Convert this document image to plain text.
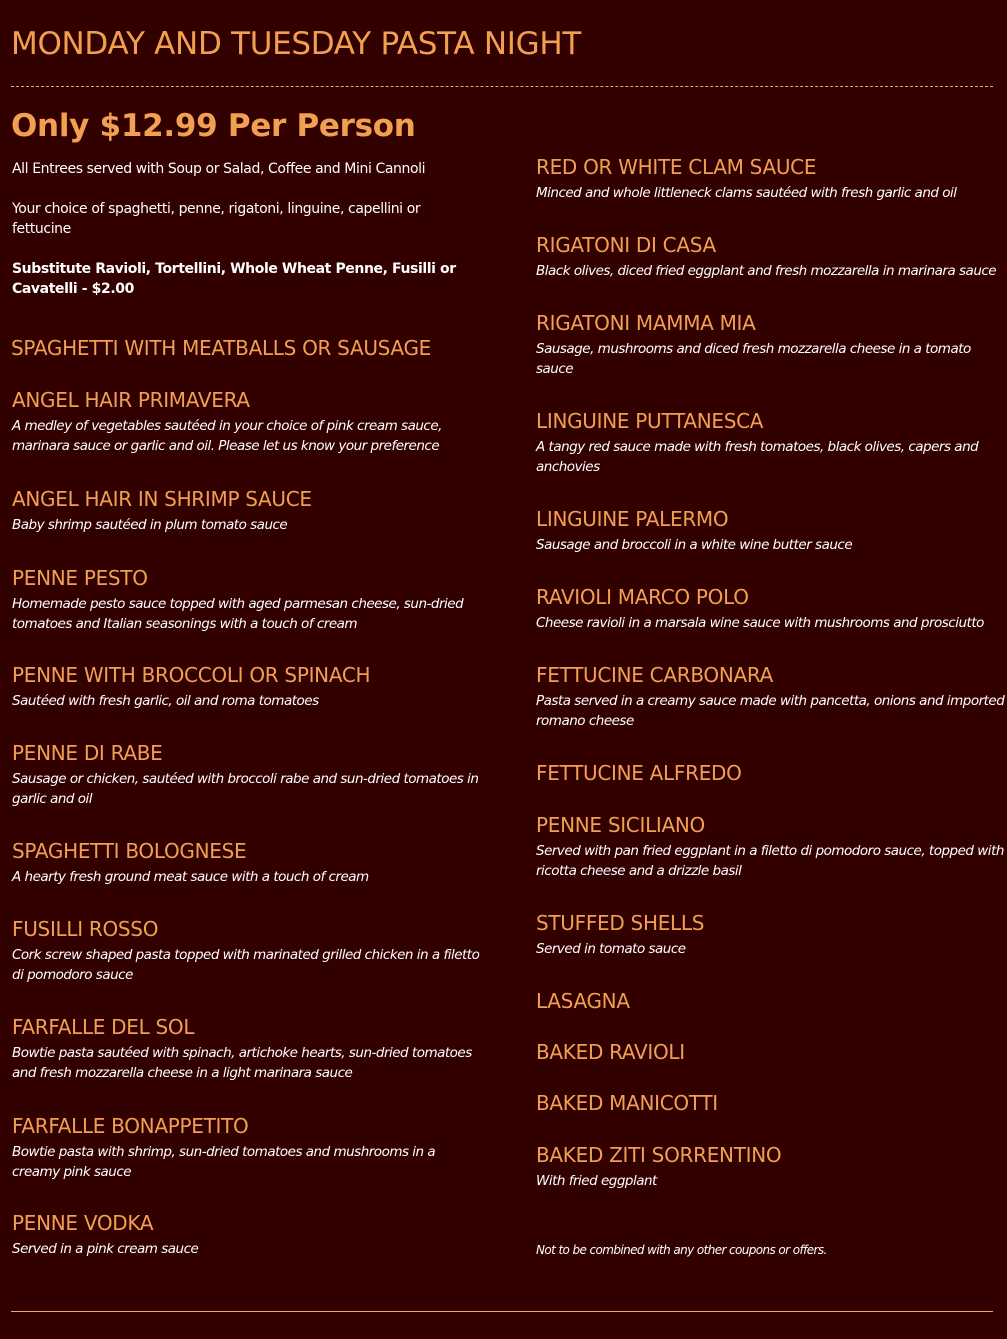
MONDAY AND TUESDAY PASTA NIGHT
Only $12.99 Per Person
All Entrees served with Soup or Salad, Coffee and Mini Cannoli
Your choice of spaghetti, penne, rigatoni, linguine, capellini or fettucine
Substitute Ravioli, Tortellini, Whole Wheat Penne, Fusilli or Cavatelli - $2.00
SPAGHETTI WITH MEATBALLS OR SAUSAGE
ANGEL HAIR PRIMAVERA
A medley of vegetables sautéed in your choice of pink cream sauce, marinara sauce or garlic and oil. Please let us know your preference
ANGEL HAIR IN SHRIMP SAUCE
Baby shrimp sautéed in plum tomato sauce
PENNE PESTO
Homemade pesto sauce topped with aged parmesan cheese, sun-dried tomatoes and Italian seasonings with a touch of cream
PENNE WITH BROCCOLI OR SPINACH
Sautéed with fresh garlic, oil and roma tomatoes
PENNE DI RABE
Sausage or chicken, sautéed with broccoli rabe and sun-dried tomatoes in garlic and oil
SPAGHETTI BOLOGNESE
A hearty fresh ground meat sauce with a touch of cream
FUSILLI ROSSO
Cork screw shaped pasta topped with marinated grilled chicken in a filetto di pomodoro sauce
FARFALLE DEL SOL
Bowtie pasta sautéed with spinach, artichoke hearts, sun-dried tomatoes and fresh mozzarella cheese in a light marinara sauce
FARFALLE BONAPPETITO
Bowtie pasta with shrimp, sun-dried tomatoes and mushrooms in a creamy pink sauce
PENNE VODKA
Served in a pink cream sauce
RED OR WHITE CLAM SAUCE
Minced and whole littleneck clams sautéed with fresh garlic and oil
RIGATONI DI CASA
Black olives, diced fried eggplant and fresh mozzarella in marinara sauce
RIGATONI MAMMA MIA
Sausage, mushrooms and diced fresh mozzarella cheese in a tomato sauce
LINGUINE PUTTANESCA
A tangy red sauce made with fresh tomatoes, black olives, capers and anchovies
LINGUINE PALERMO
Sausage and broccoli in a white wine butter sauce
RAVIOLI MARCO POLO
Cheese ravioli in a marsala wine sauce with mushrooms and prosciutto
FETTUCINE CARBONARA
Pasta served in a creamy sauce made with pancetta, onions and imported romano cheese
FETTUCINE ALFREDO
PENNE SICILIANO
Served with pan fried eggplant in a filetto di pomodoro sauce, topped with ricotta cheese and a drizzle basil
STUFFED SHELLS
Served in tomato sauce
LASAGNA
BAKED RAVIOLI
BAKED MANICOTTI
BAKED ZITI SORRENTINO
With fried eggplant
Not to be combined with any other coupons or offers.
